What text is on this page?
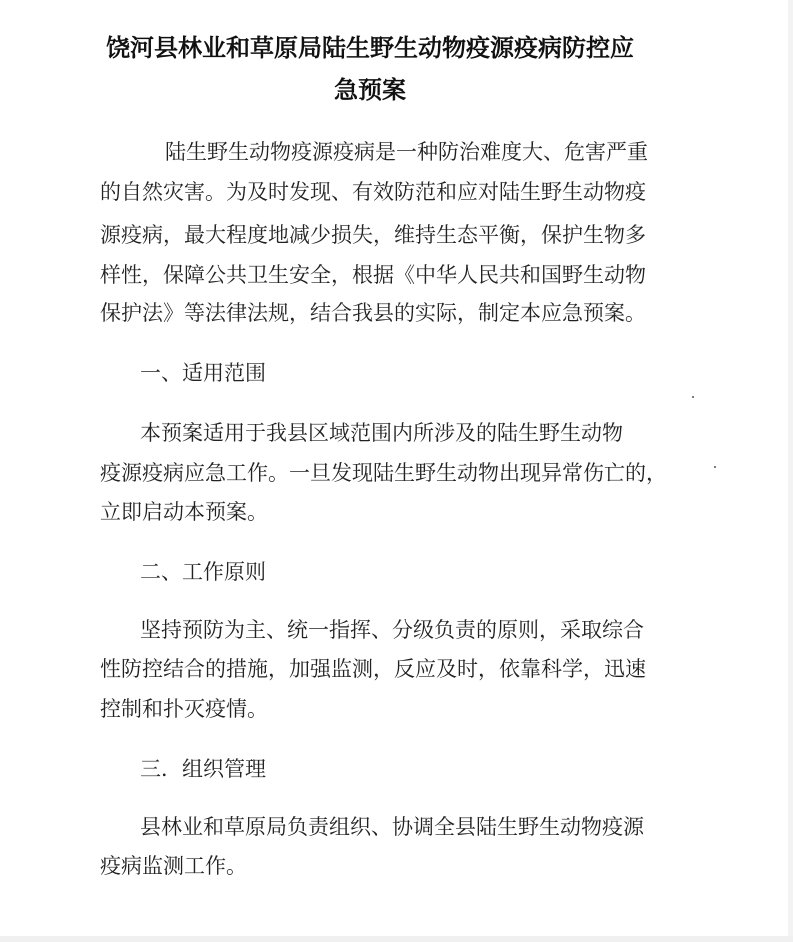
饶河县林业和草原局陆生野生动物疫源疫病防控应
急预案
陆生野生动物疫源疫病是一种防治难度大、危害严重
的自然灾害。为及时发现、有效防范和应对陆生野生动物疫
源疫病，最大程度地减少损失，维持生态平衡，保护生物多
样性，保障公共卫生安全，根据《中华人民共和国野生动物
保护法》等法律法规，结合我县的实际，制定本应急预案。
一、适用范围
本预案适用于我县区域范围内所涉及的陆生野生动物
疫源疫病应急工作。一旦发现陆生野生动物出现异常伤亡的，
立即启动本预案。
二、工作原则
坚持预防为主、统一指挥、分级负责的原则，采取综合
性防控结合的措施，加强监测，反应及时，依靠科学，迅速
控制和扑灭疫情。
三．组织管理
县林业和草原局负责组织、协调全县陆生野生动物疫源
疫病监测工作。
